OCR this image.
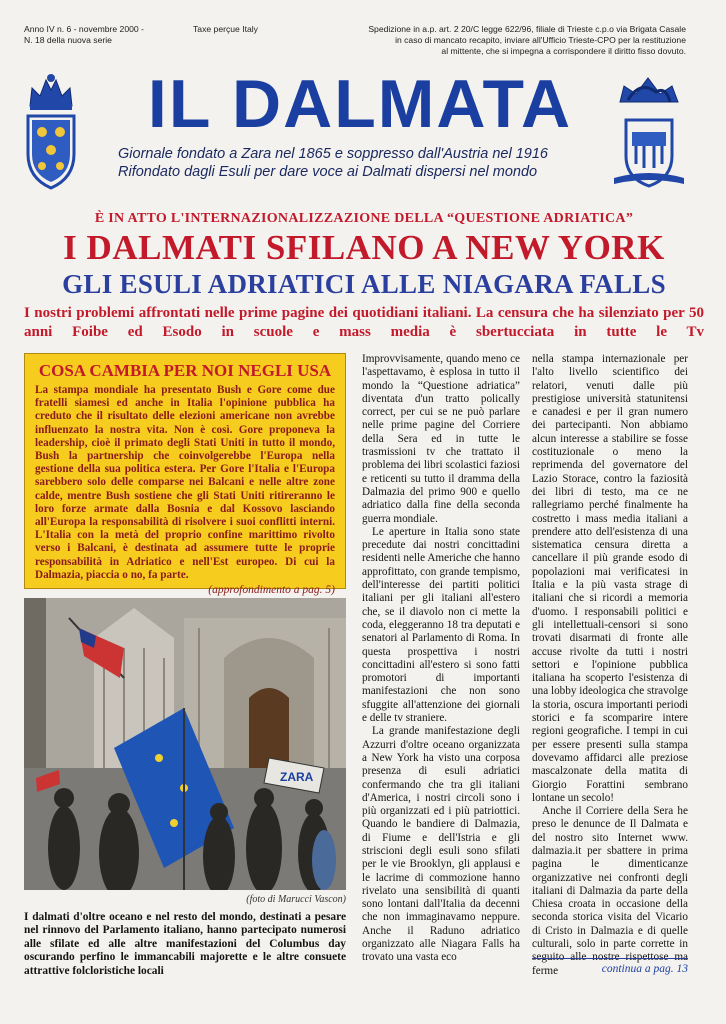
Anno IV n. 6 - novembre 2000 -
N. 18 della nuova serie
Taxe perçue Italy	Spedizione in a.p. art. 2 20/C legge 622/96, filiale di Trieste c.p.o via Brigata Casale
in caso di mancato recapito, inviare all'Ufficio Trieste-CPO per la restituzione
al mittente, che si impegna a corrispondere il diritto fisso dovuto.
IL DALMATA
Giornale fondato a Zara nel 1865 e soppresso dall'Austria nel 1916
Rifondato dagli Esuli per dare voce ai Dalmati dispersi nel mondo
È IN ATTO L'INTERNAZIONALIZZAZIONE DELLA “QUESTIONE ADRIATICA”
I DALMATI SFILANO A NEW YORK
GLI ESULI ADRIATICI ALLE NIAGARA FALLS
I nostri problemi affrontati nelle prime pagine dei quotidiani italiani. La censura che ha silenziato per 50 anni Foibe ed Esodo in scuole e mass media è sbertucciata in tutte le Tv
COSA CAMBIA PER NOI NEGLI USA
La stampa mondiale ha presentato Bush e Gore come due fratelli siamesi ed anche in Italia l'opinione pubblica ha creduto che il risultato delle elezioni americane non avrebbe influenzato la nostra vita. Non è così. Gore proponeva la leadership, cioè il primato degli Stati Uniti in tutto il mondo, Bush la partnership che coinvolgerebbe l'Europa nella gestione della sua politica estera. Per Gore l'Italia e l'Europa sarebbero solo delle comparse nei Balcani e nelle altre zone calde, mentre Bush sostiene che gli Stati Uniti ritireranno le loro forze armate dalla Bosnia e dal Kossovo lasciando all'Europa la responsabilità di risolvere i suoi conflitti interni. L'Italia con la metà del proprio confine marittimo rivolto verso i Balcani, è destinata ad assumere tutte le proprie responsabilità in Adriatico e nell'Est europeo. Di cui la Dalmazia, piaccia o no, fa parte.
(approfondimento a pag. 5)
ZARA
(foto di Marucci Vascon)
I dalmati d'oltre oceano e nel resto del mondo, destinati a pesare nel rinnovo del Parlamento italiano, hanno partecipato numerosi alle sfilate ed alle altre manifestazioni del Columbus day oscurando perfino le immancabili majorette e le altre consuete attrattive folcloristiche locali

Improvvisamente, quando meno ce l'aspettavamo, è esplosa in tutto il mondo la “Questione adriatica” diventata d'un tratto polically correct, per cui se ne può parlare nelle prime pagine del Corriere della Sera ed in tutte le trasmissioni tv che trattato il problema dei libri scolastici faziosi e reticenti su tutto il dramma della Dalmazia del primo 900 e quello adriatico dalla fine della seconda guerra mondiale.

Le aperture in Italia sono state precedute dai nostri concittadini residenti nelle Americhe che hanno approfittato, con grande tempismo, dell'interesse dei partiti politici italiani per gli italiani all'estero che, se il diavolo non ci mette la coda, eleggeranno 18 tra deputati e senatori al Parlamento di Roma. In questa prospettiva i nostri concittadini all'estero si sono fatti promotori di importanti manifestazioni che non sono sfuggite all'attenzione dei giornali e delle tv straniere.

La grande manifestazione degli Azzurri d'oltre oceano organizzata a New York ha visto una corposa presenza di esuli adriatici confermando che tra gli italiani d'America, i nostri circoli sono i più organizzati ed i più patriottici. Quando le bandiere di Dalmazia, di Fiume e dell'Istria e gli striscioni degli esuli sono sfilati per le vie Brooklyn, gli applausi e le lacrime di commozione hanno rivelato una sensibilità di quanti sono lontani dall'Italia da decenni che non immaginavamo neppure. Anche il Raduno adriatico organizzato alle Niagara Falls ha trovato una vasta eco

nella stampa internazionale per l'alto livello scientifico dei relatori, venuti dalle più prestigiose università statunitensi e canadesi e per il gran numero dei partecipanti. Non abbiamo alcun interesse a stabilire se fosse costituzionale o meno la reprimenda del governatore del Lazio Storace, contro la faziosità dei libri di testo, ma ce ne rallegriamo perché finalmente ha costretto i mass media italiani a prendere atto dell'esistenza di una sistematica censura diretta a cancellare il più grande esodo di popolazioni mai verificatesi in Italia e la più vasta strage di italiani che si ricordi a memoria d'uomo. I responsabili politici e gli intellettuali-censori si sono trovati disarmati di fronte alle accuse rivolte da tutti i nostri settori e l'opinione pubblica italiana ha scoperto l'esistenza di una lobby ideologica che stravolge la storia, oscura importanti periodi storici e fa scomparire intere regioni geografiche. I tempi in cui per essere presenti sulla stampa dovevamo affidarci alle preziose mascalzonate della matita di Giorgio Forattini sembrano lontane un secolo!

Anche il Corriere della Sera he preso le denunce de Il Dalmata e del nostro sito Internet www. dalmazia.it per sbattere in prima pagina le dimenticanze organizzative nei confronti degli italiani di Dalmazia da parte della Chiesa croata in occasione della seconda storica visita del Vicario di Cristo in Dalmazia e di quelle culturali, solo in parte corrette in ferme	continua a pag. 13
